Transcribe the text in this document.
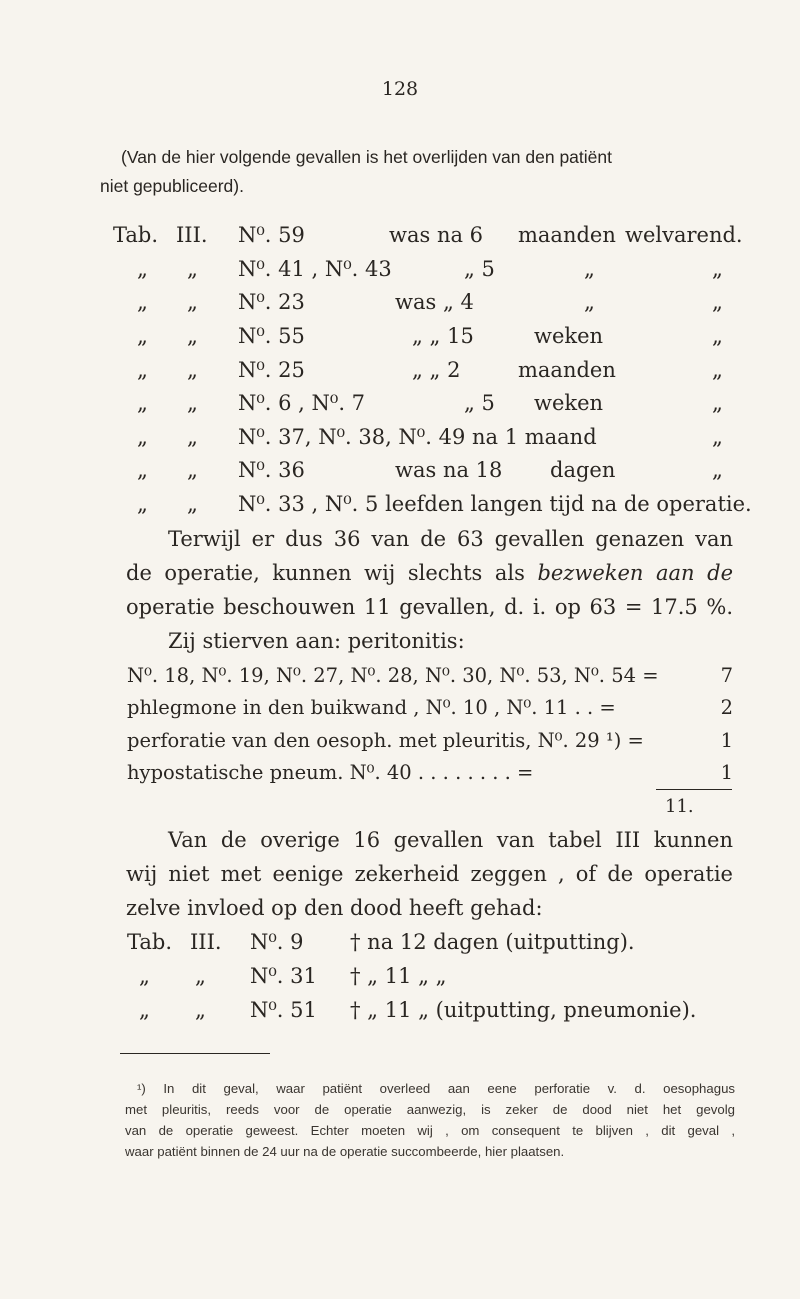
128
(Van de hier volgende gevallen is het overlijden van den patiënt
niet gepubliceerd).
Tab. III. N⁰. 59	was na 6 maanden welvarend.
„ „ N⁰. 41 , N⁰. 43	„ 5	„	„
„ „ N⁰. 23	was „ 4	„	„
„ „ N⁰. 55	„ „ 15	weken	„
„ „ N⁰. 25	„ „ 2	maanden	„
„ „ N⁰. 6 , N⁰. 7	„ 5 weken	„
„ „ N⁰. 37, N⁰. 38, N⁰. 49 na 1 maand	„
„ „ N⁰. 36	was na 18 dagen	„
„ „ N⁰. 33 , N⁰. 5 leefden langen tijd na de operatie.
Terwijl er dus 36 van de 63 gevallen genazen van
de operatie, kunnen wij slechts als bezweken aan de
operatie beschouwen 11 gevallen, d. i. op 63 = 17.5 %.
Zij stierven aan: peritonitis:
N⁰. 18, N⁰. 19, N⁰. 27, N⁰. 28, N⁰. 30, N⁰. 53, N⁰. 54 =	7
phlegmone in den buikwand , N⁰. 10 , N⁰. 11 . . =	2
perforatie van den oesoph. met pleuritis, N⁰. 29 ¹) =	1
hypostatische pneum. N⁰. 40 . . . . . . . . =	1
11.
Van de overige 16 gevallen van tabel III kunnen
wij niet met eenige zekerheid zeggen , of de operatie
zelve invloed op den dood heeft gehad:
Tab. III. N⁰. 9 † na 12 dagen (uitputting).
„ „ N⁰. 31 † „ 11 „ „
„ „ N⁰. 51 † „ 11 „ (uitputting, pneumonie).
¹) In dit geval, waar patiënt overleed aan eene perforatie v. d. oesophagus
met pleuritis, reeds voor de operatie aanwezig, is zeker de dood niet het gevolg
van de operatie geweest. Echter moeten wij , om consequent te blijven , dit geval ,
waar patiënt binnen de 24 uur na de operatie succombeerde, hier plaatsen.
